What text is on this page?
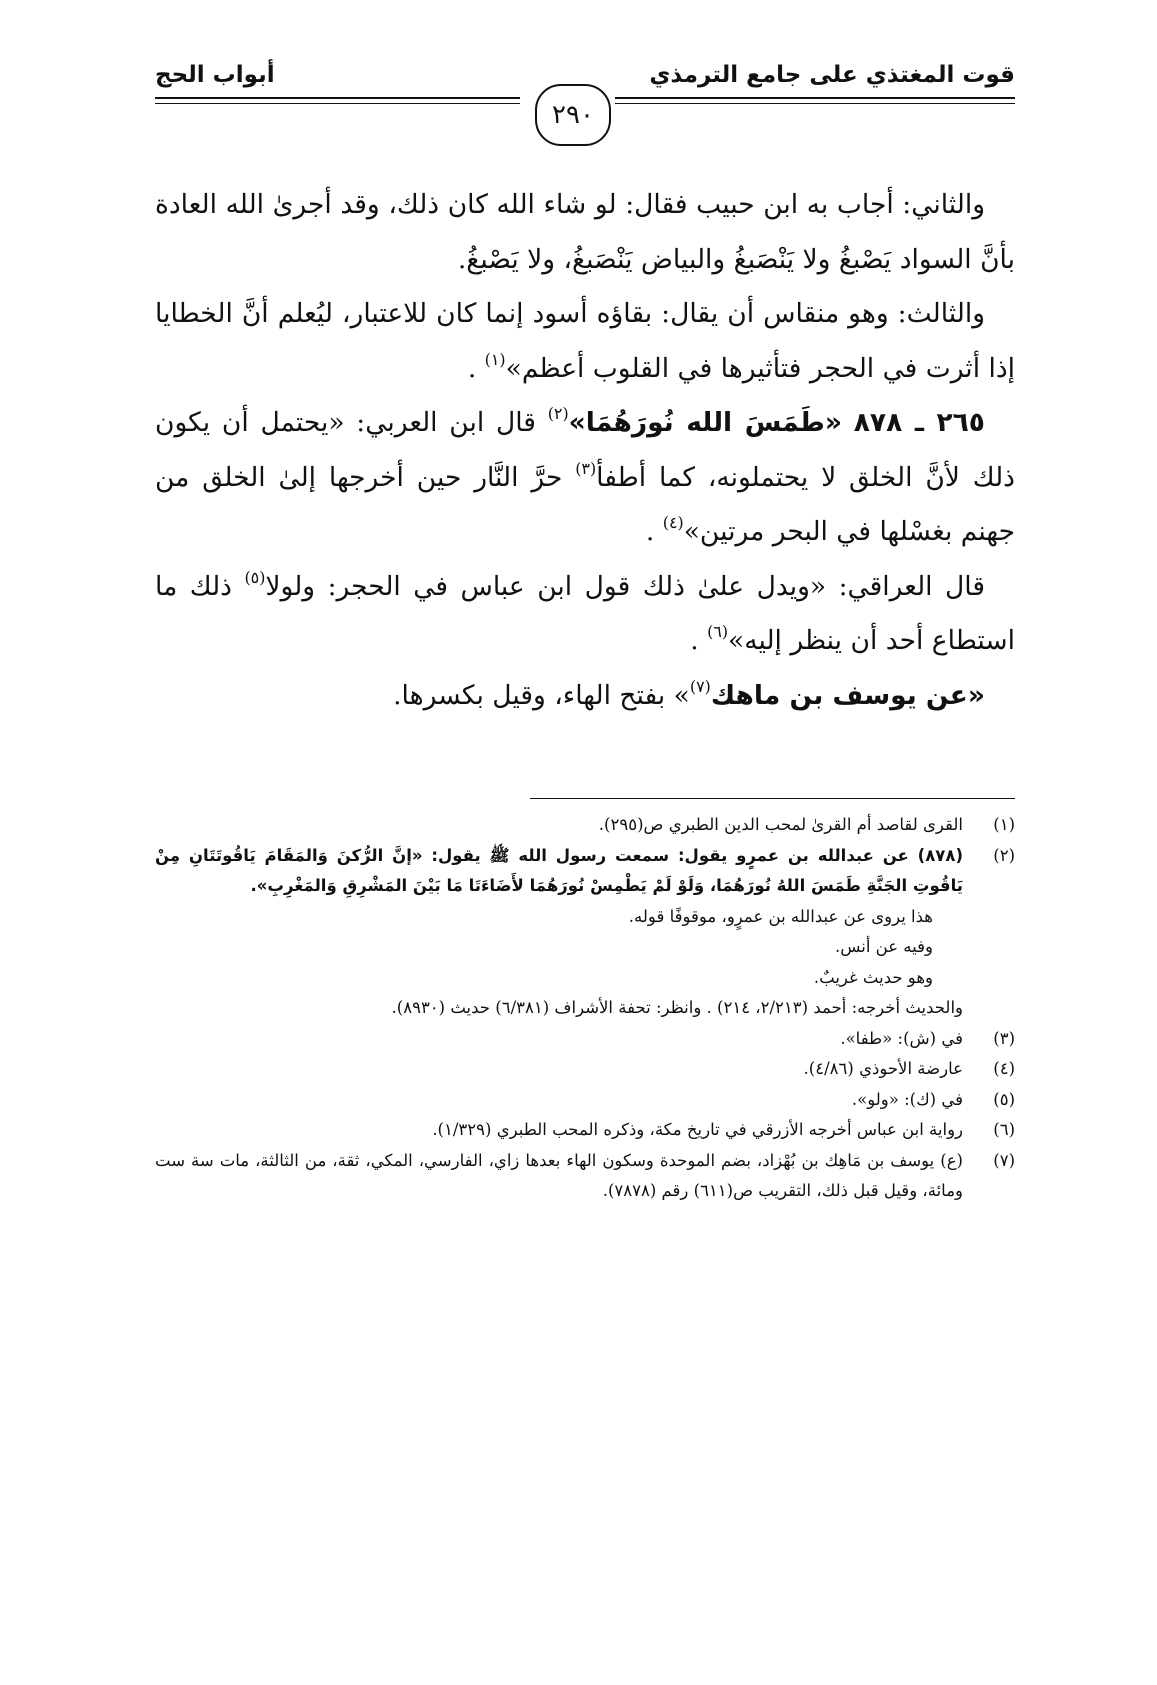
قوت المغتذي على جامع الترمذي
أبواب الحج
٢٩٠

والثاني: أجاب به ابن حبيب فقال: لو شاء الله كان ذلك، وقد أجرىٰ الله العادة بأنَّ السواد يَصْبغُ ولا يَنْصَبغُ والبياض يَنْصَبغُ، ولا يَصْبغُ.

والثالث: وهو منقاس أن يقال: بقاؤه أسود إنما كان للاعتبار، ليُعلم أنَّ الخطايا إذا أثرت في الحجر فتأثيرها في القلوب أعظم»$^{(١)}$ .

٢٦٥ ـ ٨٧٨ «طَمَسَ الله نُورَهُمَا»$^{(٢)}$ قال ابن العربي: «يحتمل أن يكون ذلك لأنَّ الخلق لا يحتملونه، كما أطفأ$^{(٣)}$ حرَّ النَّار حين أخرجها إلىٰ الخلق من جهنم بغسْلها في البحر مرتين»$^{(٤)}$ .

قال العراقي: «ويدل علىٰ ذلك قول ابن عباس في الحجر: ولولا$^{(٥)}$ ذلك ما استطاع أحد أن ينظر إليه»$^{(٦)}$ .

«عن يوسف بن ماهك$^{(٧)}$» بفتح الهاء، وقيل بكسرها.

(١)
القرى لقاصد أم القرىٰ لمحب الدين الطبري ص(٢٩٥).
(٢)
(٨٧٨) عن عبدالله بن عمرٍو يقول: سمعت رسول الله ﷺ يقول: «إنَّ الرُّكنَ وَالمَقَامَ يَاقُوتَتَانِ مِنْ يَاقُوتِ الجَنَّةِ طَمَسَ اللهُ نُورَهُمَا، وَلَوْ لَمْ يَطْمِسْ نُورَهُمَا لأَضَاءَتَا مَا بَيْنَ المَشْرِقِ وَالمَغْرِبِ».
هذا يروى عن عبدالله بن عمرٍو، موقوفًا قوله.
وفيه عن أنس.
وهو حديث غريبٌ.
والحديث أخرجه: أحمد (٢/٢١٣، ٢١٤) . وانظر: تحفة الأشراف (٦/٣٨١) حديث (٨٩٣٠).
(٣)
في (ش): «طفا».
(٤)
عارضة الأحوذي (٤/٨٦).
(٥)
في (ك): «ولو».
(٦)
رواية ابن عباس أخرجه الأزرقي في تاريخ مكة، وذكره المحب الطبري (١/٣٢٩).
(٧)
(ع) يوسف بن مَاهِك بن بُهْزاد، بضم الموحدة وسكون الهاء بعدها زاي، الفارسي، المكي، ثقة، من الثالثة، مات سة ست ومائة، وقيل قبل ذلك، التقريب ص(٦١١) رقم (٧٨٧٨).
